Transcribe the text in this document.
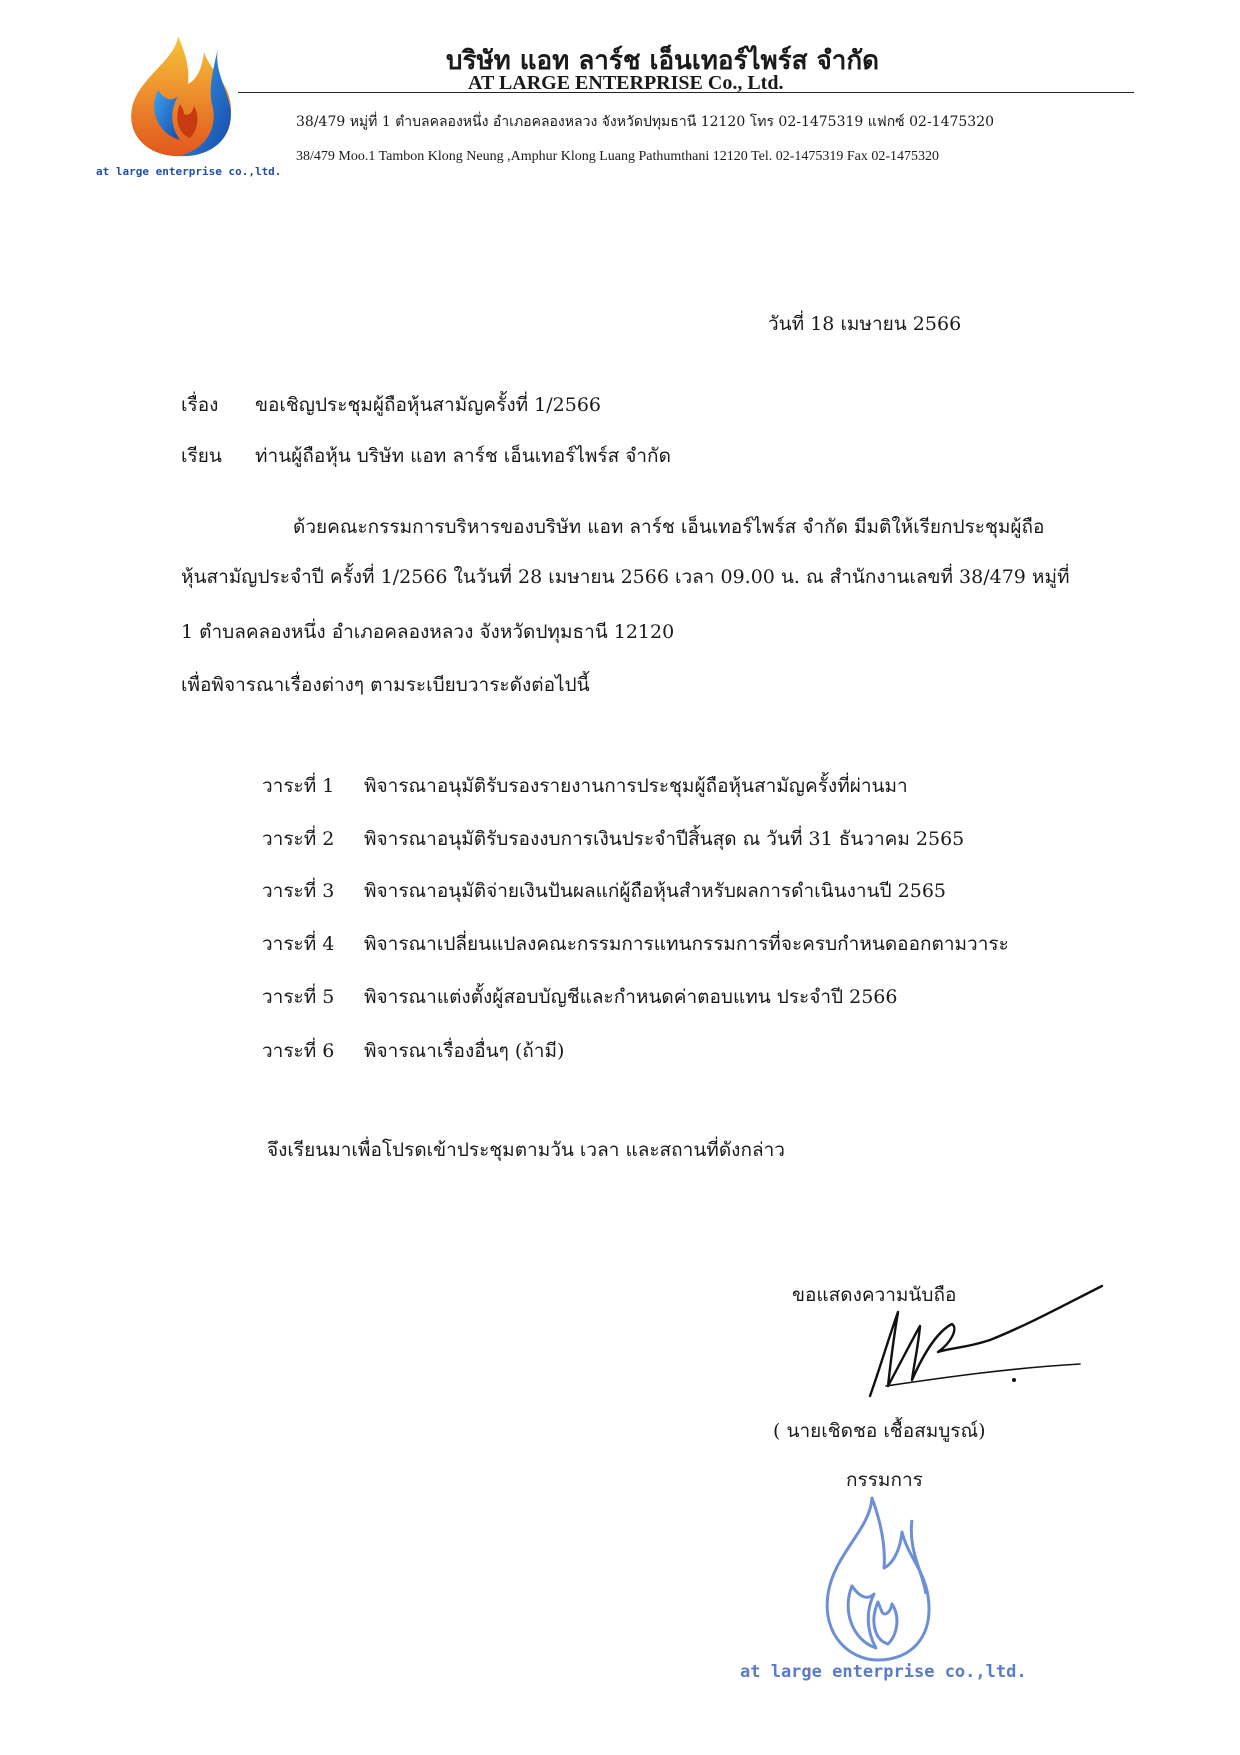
at large enterprise co.,ltd.
บริษัท แอท ลาร์ช เอ็นเทอร์ไพร์ส จำกัด
AT LARGE ENTERPRISE Co., Ltd.
38/479 หมู่ที่ 1 ตำบลคลองหนึ่ง อำเภอคลองหลวง จังหวัดปทุมธานี 12120 โทร 02-1475319 แฟกซ์ 02-1475320
38/479 Moo.1 Tambon Klong Neung ,Amphur Klong Luang Pathumthani 12120 Tel. 02-1475319 Fax 02-1475320
วันที่ 18 เมษายน 2566
เรื่อง ขอเชิญประชุมผู้ถือหุ้นสามัญครั้งที่ 1/2566
เรียน ท่านผู้ถือหุ้น บริษัท แอท ลาร์ช เอ็นเทอร์ไพร์ส จำกัด
ด้วยคณะกรรมการบริหารของบริษัท แอท ลาร์ช เอ็นเทอร์ไพร์ส จำกัด มีมติให้เรียกประชุมผู้ถือ
หุ้นสามัญประจำปี ครั้งที่ 1/2566 ในวันที่ 28 เมษายน 2566 เวลา 09.00 น. ณ สำนักงานเลขที่ 38/479 หมู่ที่
1 ตำบลคลองหนึ่ง อำเภอคลองหลวง จังหวัดปทุมธานี 12120
เพื่อพิจารณาเรื่องต่างๆ ตามระเบียบวาระดังต่อไปนี้
วาระที่ 1 พิจารณาอนุมัติรับรองรายงานการประชุมผู้ถือหุ้นสามัญครั้งที่ผ่านมา
วาระที่ 2 พิจารณาอนุมัติรับรองงบการเงินประจำปีสิ้นสุด ณ วันที่ 31 ธันวาคม 2565
วาระที่ 3 พิจารณาอนุมัติจ่ายเงินปันผลแก่ผู้ถือหุ้นสำหรับผลการดำเนินงานปี 2565
วาระที่ 4 พิจารณาเปลี่ยนแปลงคณะกรรมการแทนกรรมการที่จะครบกำหนดออกตามวาระ
วาระที่ 5 พิจารณาแต่งตั้งผู้สอบบัญชีและกำหนดค่าตอบแทน ประจำปี 2566
วาระที่ 6 พิจารณาเรื่องอื่นๆ (ถ้ามี)
จึงเรียนมาเพื่อโปรดเข้าประชุมตามวัน เวลา และสถานที่ดังกล่าว
ขอแสดงความนับถือ
( นายเชิดชอ เชื้อสมบูรณ์)
กรรมการ
at large enterprise co.,ltd.
